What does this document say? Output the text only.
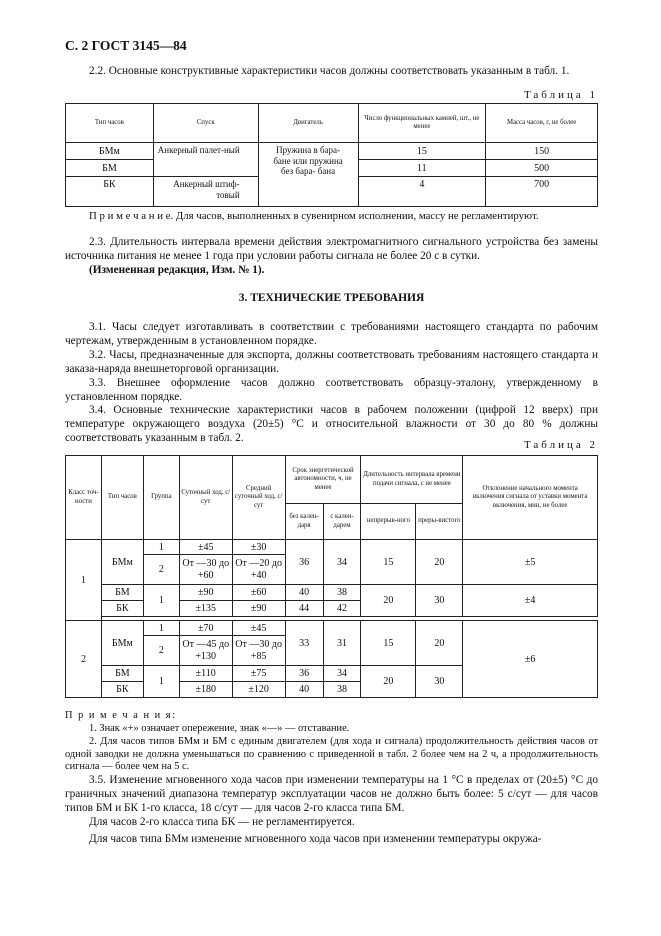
С. 2 ГОСТ 3145—84
2.2. Основные конструктивные характеристики часов должны соответствовать указанным в табл. 1.
Таблица 1
Тип часов	Спуск	Двигатель	Число функциональных камней, шт., не менее	Масса часов, г, не более
БМм	Анкерный палет-ный	Пружина в бара-бане или пружина без бара- бана	15	150
БМ			11	500
БК	Анкерный штиф-товый		4	700
П р и м е ч а н и е. Для часов, выполненных в сувенирном исполнении, массу не регламентируют.
2.3. Длительность интервала времени действия электромагнитного сигнального устройства без замены источника питания не менее 1 года при условии работы сигнала не более 20 с в сутки.
(Измененная редакция, Изм. № 1).
3. ТЕХНИЧЕСКИЕ ТРЕБОВАНИЯ
3.1. Часы следует изготавливать в соответствии с требованиями настоящего стандарта по рабочим чертежам, утвержденным в установленном порядке.
3.2. Часы, предназначенные для экспорта, должны соответствовать требованиям настоящего стандарта и заказа-наряда внешнеторговой организации.
3.3. Внешнее оформление часов должно соответствовать образцу-эталону, утвержденному в установленном порядке.
3.4. Основные технические характеристики часов в рабочем положении (цифрой 12 вверх) при температуре окружающего воздуха (20±5) °С и относительной влажности от 30 до 80 % должны соответствовать указанным в табл. 2.
Таблица 2
Класс точ-ности	Тип часов	Группа	Суточный ход, с/сут	Средний суточный ход, с/сут	Срок энергетической автономности, ч, не менее		Длительность интервала времени подачи сигнала, с не менее		Отклонение начального момента включения сигнала от уставки момента включения, мин, не более
					без кален-даря	с кален-дарем	непрерыв-ного	преры-вистого	
1	БМм	1	±45	±30	36	34	15	20	±5
		2	От —30 до +60	От —20 до +40					
	БМ	1	±90	±60	40	38	20	30	±4
	БК		±135	±90	44	42			

2	БМм	1	±70	±45	33	31	15	20	±6
		2	От —45 до +130	От —30 до +85					
	БМ	1	±110	±75	36	34	20	30	
	БК		±180	±120	40	38			
П р и м е ч а н и я:
1. Знак «+» означает опережение, знак «—» — отставание.
2. Для часов типов БМм и БМ с единым двигателем (для хода и сигнала) продолжительность действия часов от одной заводки не должна уменьшаться по сравнению с приведенной в табл. 2 более чем на 2 ч, а продолжительность сигнала — более чем на 5 с.
3.5. Изменение мгновенного хода часов при изменении температуры на 1 °С в пределах от (20±5) °С до граничных значений диапазона температур эксплуатации часов не должно быть более: 5 с/сут — для часов типов БМ и БК 1-го класса, 18 с/сут — для часов 2-го класса типа БМ.
Для часов 2-го класса типа БК — не регламентируется.
Для часов типа БМм изменение мгновенного хода часов при изменении температуры окружа-
